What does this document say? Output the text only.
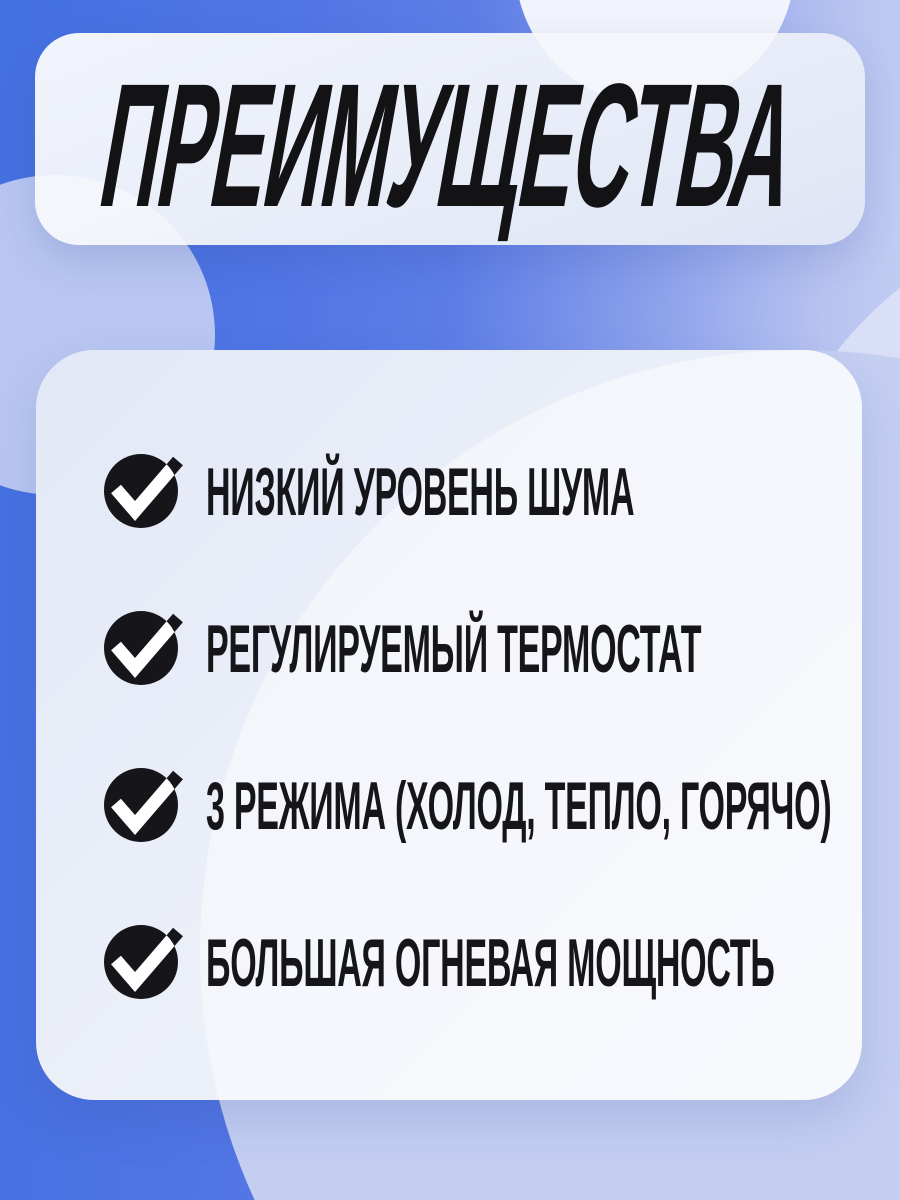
ПРЕИМУЩЕСТВА
НИЗКИЙ УРОВЕНЬ ШУМА
РЕГУЛИРУЕМЫЙ ТЕРМОСТАТ
3 РЕЖИМА (ХОЛОД, ТЕПЛО, ГОРЯЧО)
БОЛЬШАЯ ОГНЕВАЯ МОЩНОСТЬ
